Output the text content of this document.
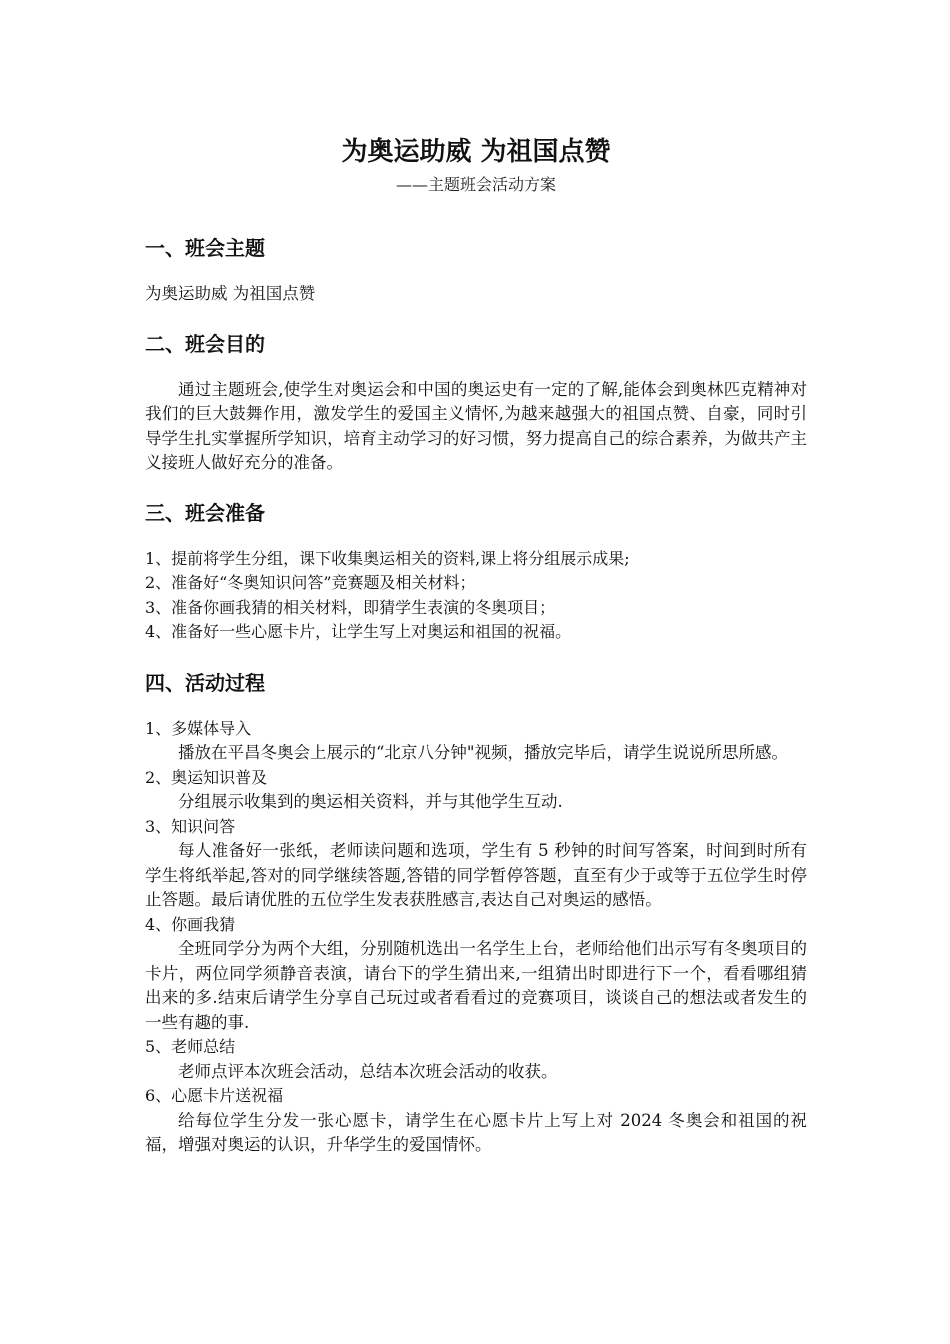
为奥运助威 为祖国点赞

——主题班会活动方案

一、班会主题

为奥运助威 为祖国点赞

二、班会目的

通过主题班会,使学生对奥运会和中国的奥运史有一定的了解,能体会到奥林匹克精神对我们的巨大鼓舞作用，激发学生的爱国主义情怀,为越来越强大的祖国点赞、自豪，同时引导学生扎实掌握所学知识，培育主动学习的好习惯，努力提高自己的综合素养，为做共产主义接班人做好充分的准备。

三、班会准备

1、提前将学生分组，课下收集奥运相关的资料,课上将分组展示成果;

2、准备好“冬奥知识问答”竞赛题及相关材料；

3、准备你画我猜的相关材料，即猜学生表演的冬奥项目；

4、准备好一些心愿卡片，让学生写上对奥运和祖国的祝福。

四、活动过程

1、多媒体导入

播放在平昌冬奥会上展示的“北京八分钟"视频，播放完毕后，请学生说说所思所感。

2、奥运知识普及

分组展示收集到的奥运相关资料，并与其他学生互动.

3、知识问答

每人准备好一张纸，老师读问题和选项，学生有 5 秒钟的时间写答案，时间到时所有学生将纸举起,答对的同学继续答题,答错的同学暂停答题，直至有少于或等于五位学生时停止答题。最后请优胜的五位学生发表获胜感言,表达自己对奥运的感悟。

4、你画我猜

全班同学分为两个大组，分别随机选出一名学生上台，老师给他们出示写有冬奥项目的卡片，两位同学须静音表演，请台下的学生猜出来,一组猜出时即进行下一个，看看哪组猜出来的多.结束后请学生分享自己玩过或者看看过的竞赛项目，谈谈自己的想法或者发生的一些有趣的事.

5、老师总结

老师点评本次班会活动，总结本次班会活动的收获。

6、心愿卡片送祝福

给每位学生分发一张心愿卡，请学生在心愿卡片上写上对 2024 冬奥会和祖国的祝福，增强对奥运的认识，升华学生的爱国情怀。
